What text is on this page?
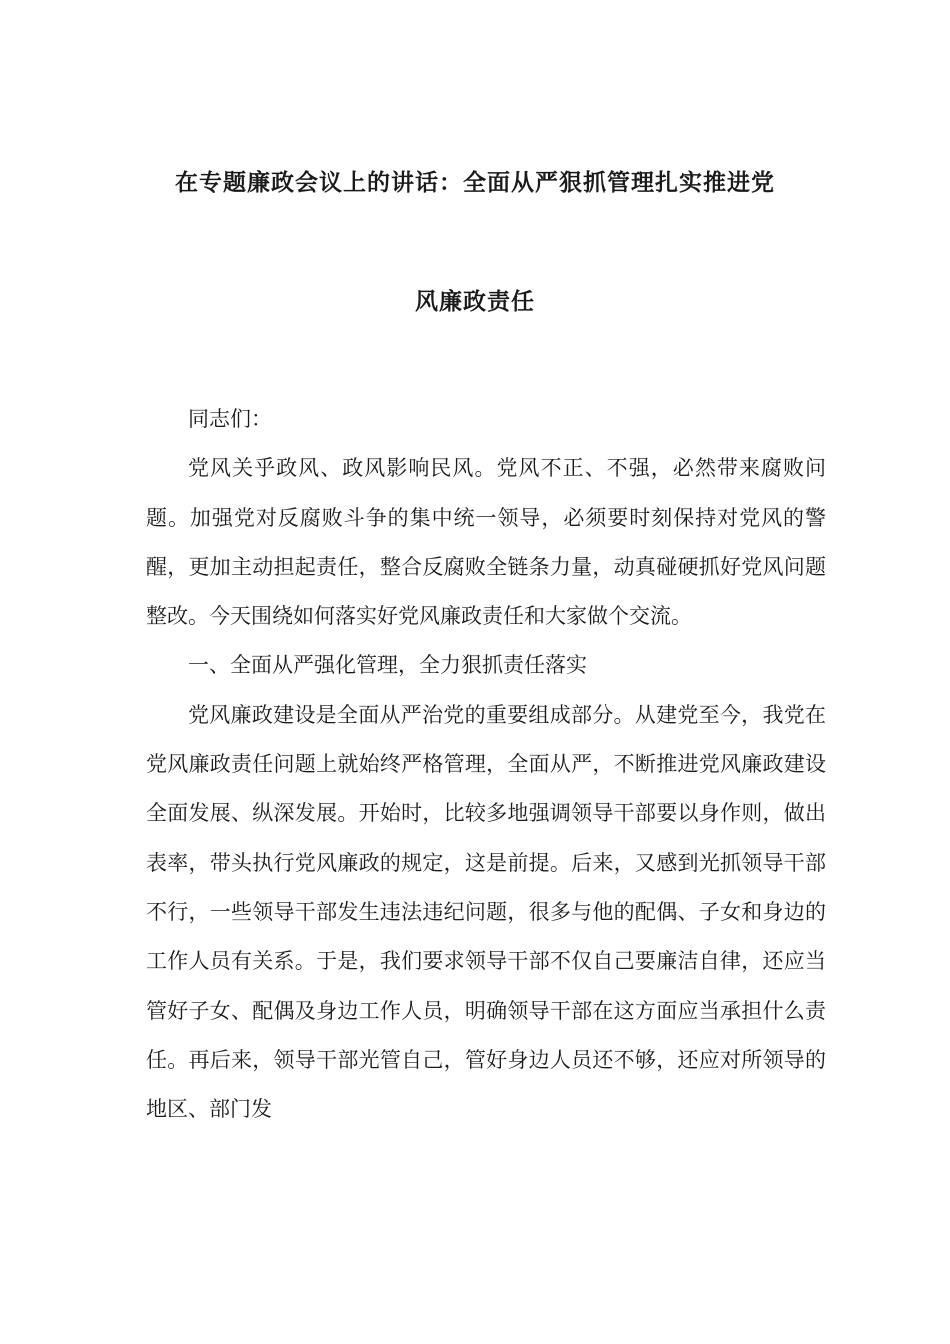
在专题廉政会议上的讲话：全面从严狠抓管理扎实推进党
风廉政责任

同志们：

党风关乎政风、政风影响民风。党风不正、不强，必然带来腐败问题。加强党对反腐败斗争的集中统一领导，必须要时刻保持对党风的警醒，更加主动担起责任，整合反腐败全链条力量，动真碰硬抓好党风问题整改。今天围绕如何落实好党风廉政责任和大家做个交流。

一、全面从严强化管理，全力狠抓责任落实

党风廉政建设是全面从严治党的重要组成部分。从建党至今，我党在党风廉政责任问题上就始终严格管理，全面从严，不断推进党风廉政建设全面发展、纵深发展。开始时，比较多地强调领导干部要以身作则，做出表率，带头执行党风廉政的规定，这是前提。后来，又感到光抓领导干部不行，一些领导干部发生违法违纪问题，很多与他的配偶、子女和身边的工作人员有关系。于是，我们要求领导干部不仅自己要廉洁自律，还应当管好子女、配偶及身边工作人员，明确领导干部在这方面应当承担什么责任。再后来，领导干部光管自己，管好身边人员还不够，还应对所领导的地区、部门发
